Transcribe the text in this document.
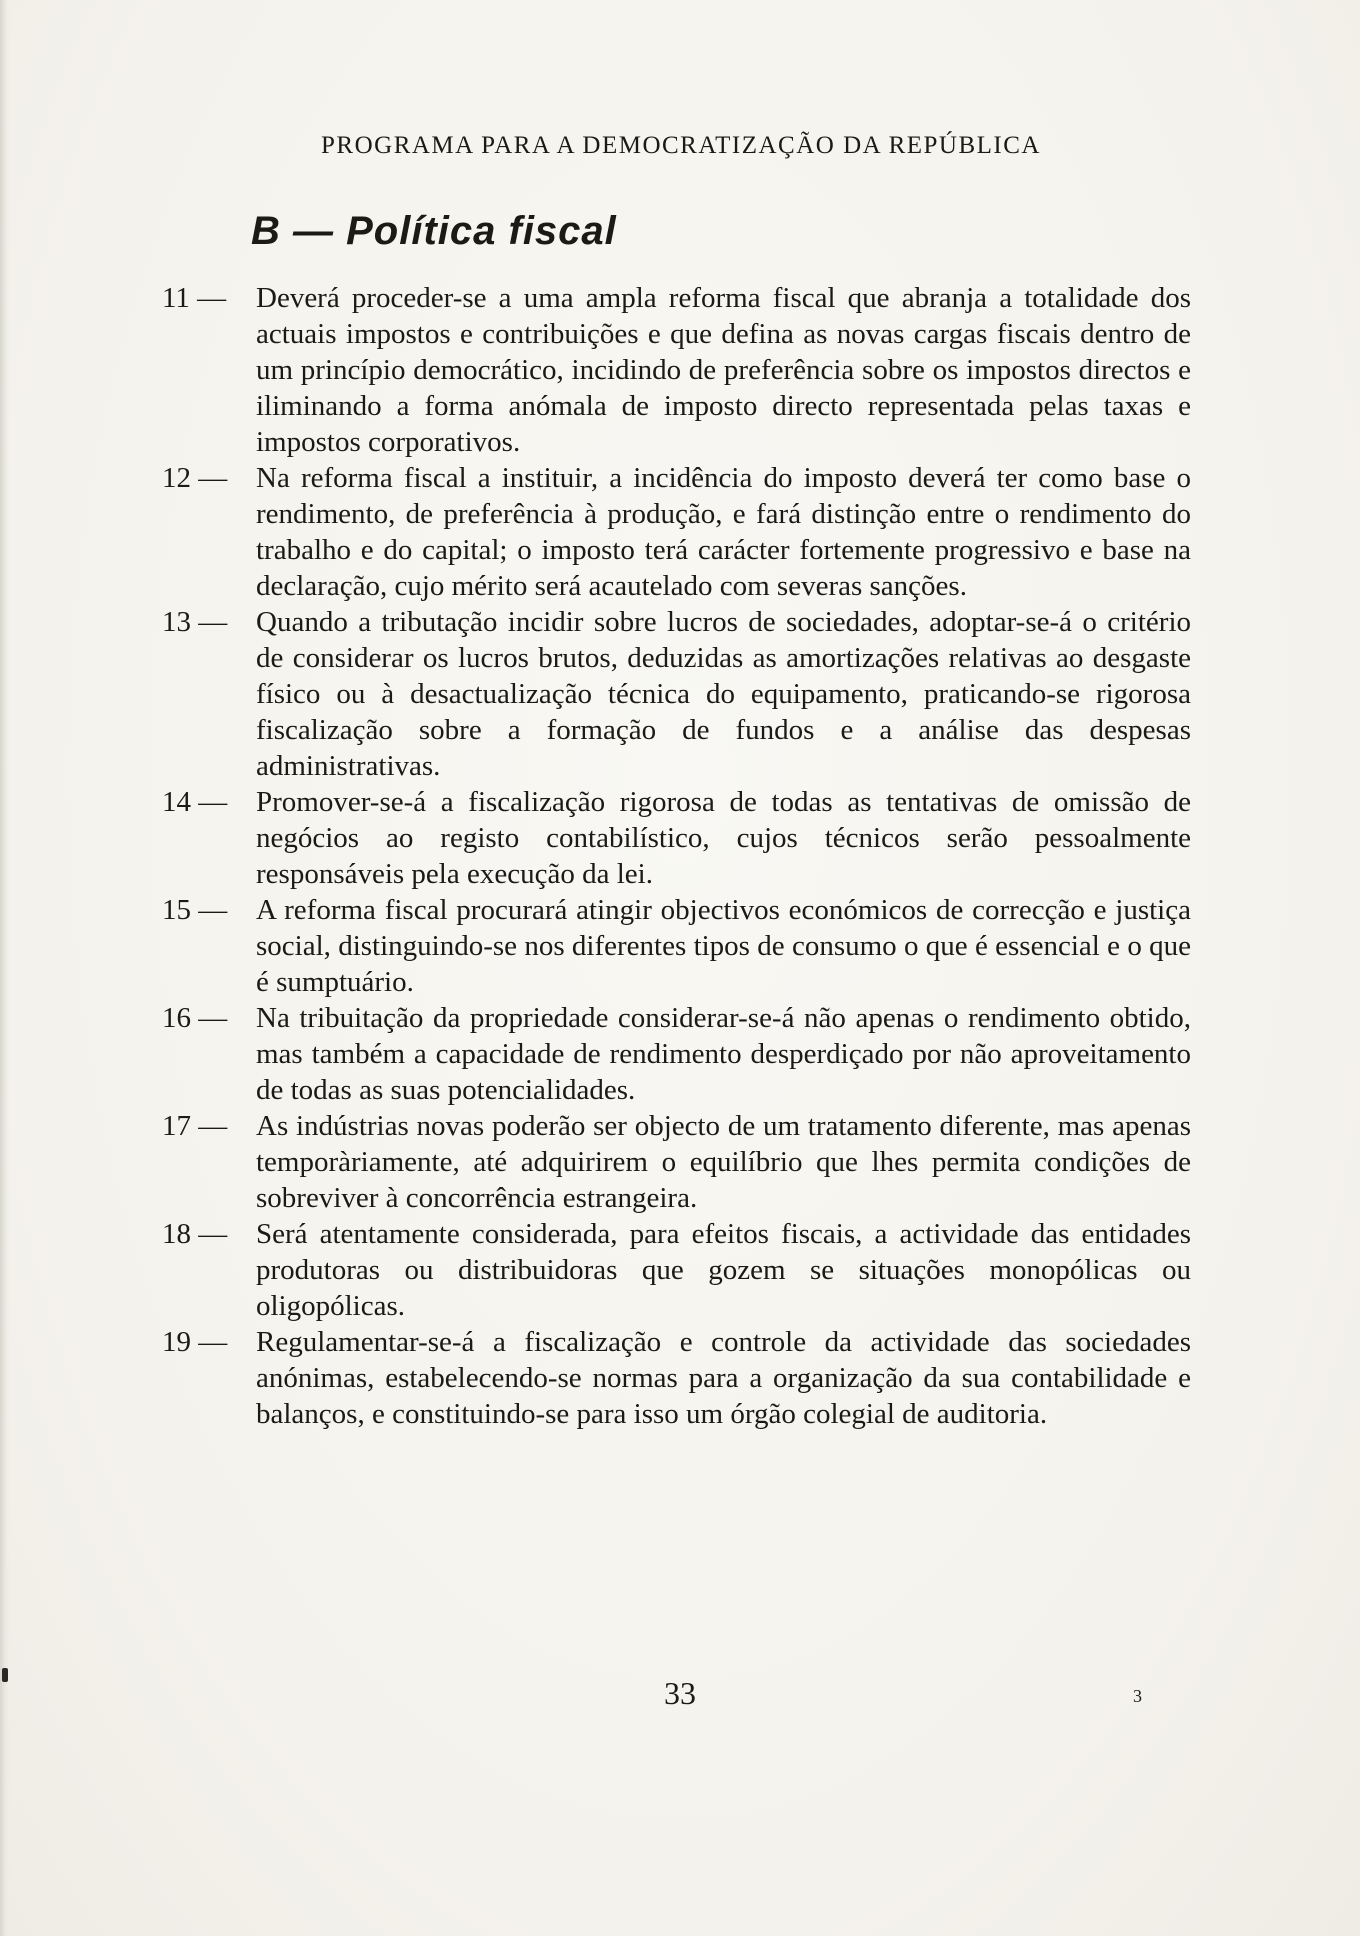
PROGRAMA PARA A DEMOCRATIZAÇÃO DA REPÚBLICA
B — Política fiscal
11 —	Deverá proceder-se a uma ampla reforma fiscal que abranja a totalidade dos actuais impostos e contribuições e que defina as novas cargas fiscais dentro de um princípio democrático, incidindo de preferência sobre os impostos directos e iliminando a forma anómala de imposto directo representada pelas taxas e impostos corporativos.
12 — Na reforma fiscal a instituir, a incidência do imposto deverá ter como base o rendimento, de preferência à produção, e fará distinção entre o rendimento do trabalho e do capital; o imposto terá carácter fortemente progressivo e base na declaração, cujo mérito será acautelado com severas sanções.
13 — Quando a tributação incidir sobre lucros de sociedades, adoptar-se-á o critério de considerar os lucros brutos, deduzidas as amortizações relativas ao desgaste físico ou à desactualização técnica do equipamento, praticando-se rigorosa fiscalização sobre a formação de fundos e a análise das despesas administrativas.
14 — Promover-se-á a fiscalização rigorosa de todas as tentativas de omissão de negócios ao registo contabilístico, cujos técnicos serão pessoalmente responsáveis pela execução da lei.
15 — A reforma fiscal procurará atingir objectivos económicos de correcção e justiça social, distinguindo-se nos diferentes tipos de consumo o que é essencial e o que é sumptuário.
16 — Na tribuitação da propriedade considerar-se-á não apenas o rendimento obtido, mas também a capacidade de rendimento desperdiçado por não aproveitamento de todas as suas potencialidades.
17 — As indústrias novas poderão ser objecto de um tratamento diferente, mas apenas temporàriamente, até adquirirem o equilíbrio que lhes permita condições de sobreviver à concorrência estrangeira.
18 — Será atentamente considerada, para efeitos fiscais, a actividade das entidades produtoras ou distribuidoras que gozem se situações monopólicas ou oligopólicas.
19 — Regulamentar-se-á a fiscalização e controle da actividade das sociedades anónimas, estabelecendo-se normas para a organização da sua contabilidade e balanços, e constituindo-se para isso um órgão colegial de auditoria.
33	3
